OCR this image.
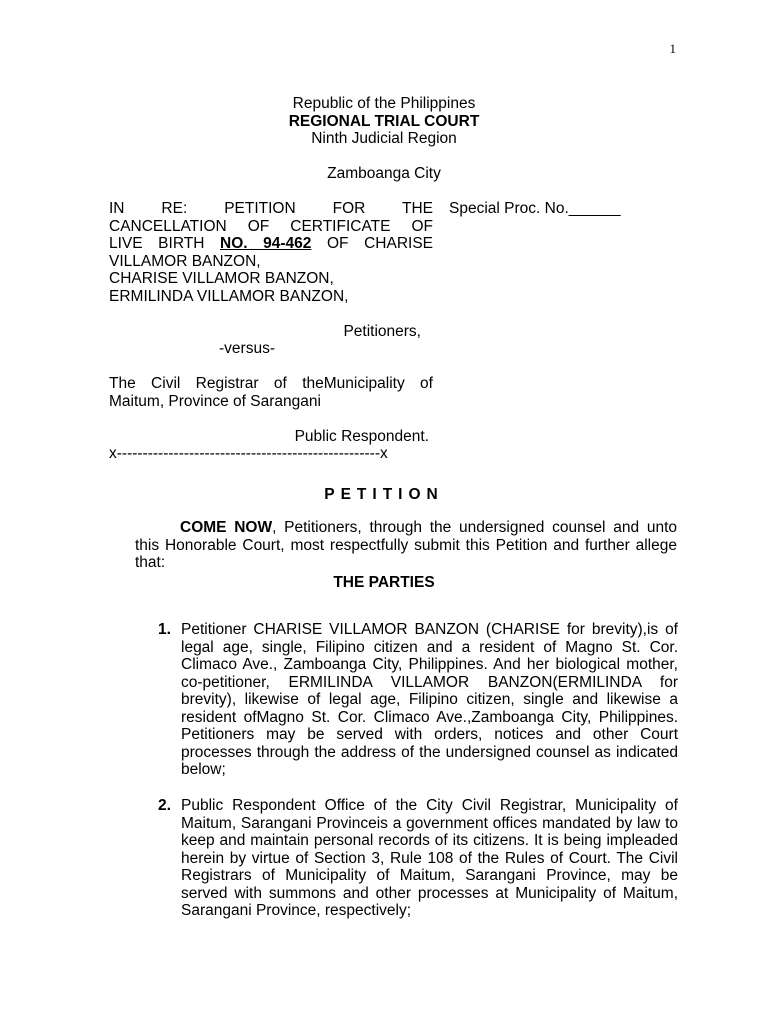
1
Republic of the Philippines
REGIONAL TRIAL COURT
Ninth Judicial Region
Zamboanga City
IN RE: PETITION FOR THE
CANCELLATION OF CERTIFICATE OF
LIVE BIRTH NO. 94-462 OF CHARISE
VILLAMOR BANZON,
CHARISE VILLAMOR BANZON,
ERMILINDA VILLAMOR BANZON,
Petitioners,
-versus-
The Civil Registrar of theMunicipality of
Maitum, Province of Sarangani
Public Respondent.
x---------------------------------------------------x
Special Proc. No.______
PETITION
COME NOW, Petitioners, through the undersigned counsel and unto this Honorable Court, most respectfully submit this Petition and further allege that:
THE PARTIES
1. Petitioner CHARISE VILLAMOR BANZON (CHARISE for brevity),is of legal age, single, Filipino citizen and a resident of Magno St. Cor. Climaco Ave., Zamboanga City, Philippines. And her biological mother, co-petitioner, ERMILINDA VILLAMOR BANZON(ERMILINDA for brevity), likewise of legal age, Filipino citizen, single and likewise a resident ofMagno St. Cor. Climaco Ave.,Zamboanga City, Philippines. Petitioners may be served with orders, notices and other Court processes through the address of the undersigned counsel as indicated below;
2. Public Respondent Office of the City Civil Registrar, Municipality of Maitum, Sarangani Provinceis a government offices mandated by law to keep and maintain personal records of its citizens. It is being impleaded herein by virtue of Section 3, Rule 108 of the Rules of Court. The Civil Registrars of Municipality of Maitum, Sarangani Province, may be served with summons and other processes at Municipality of Maitum, Sarangani Province, respectively;
